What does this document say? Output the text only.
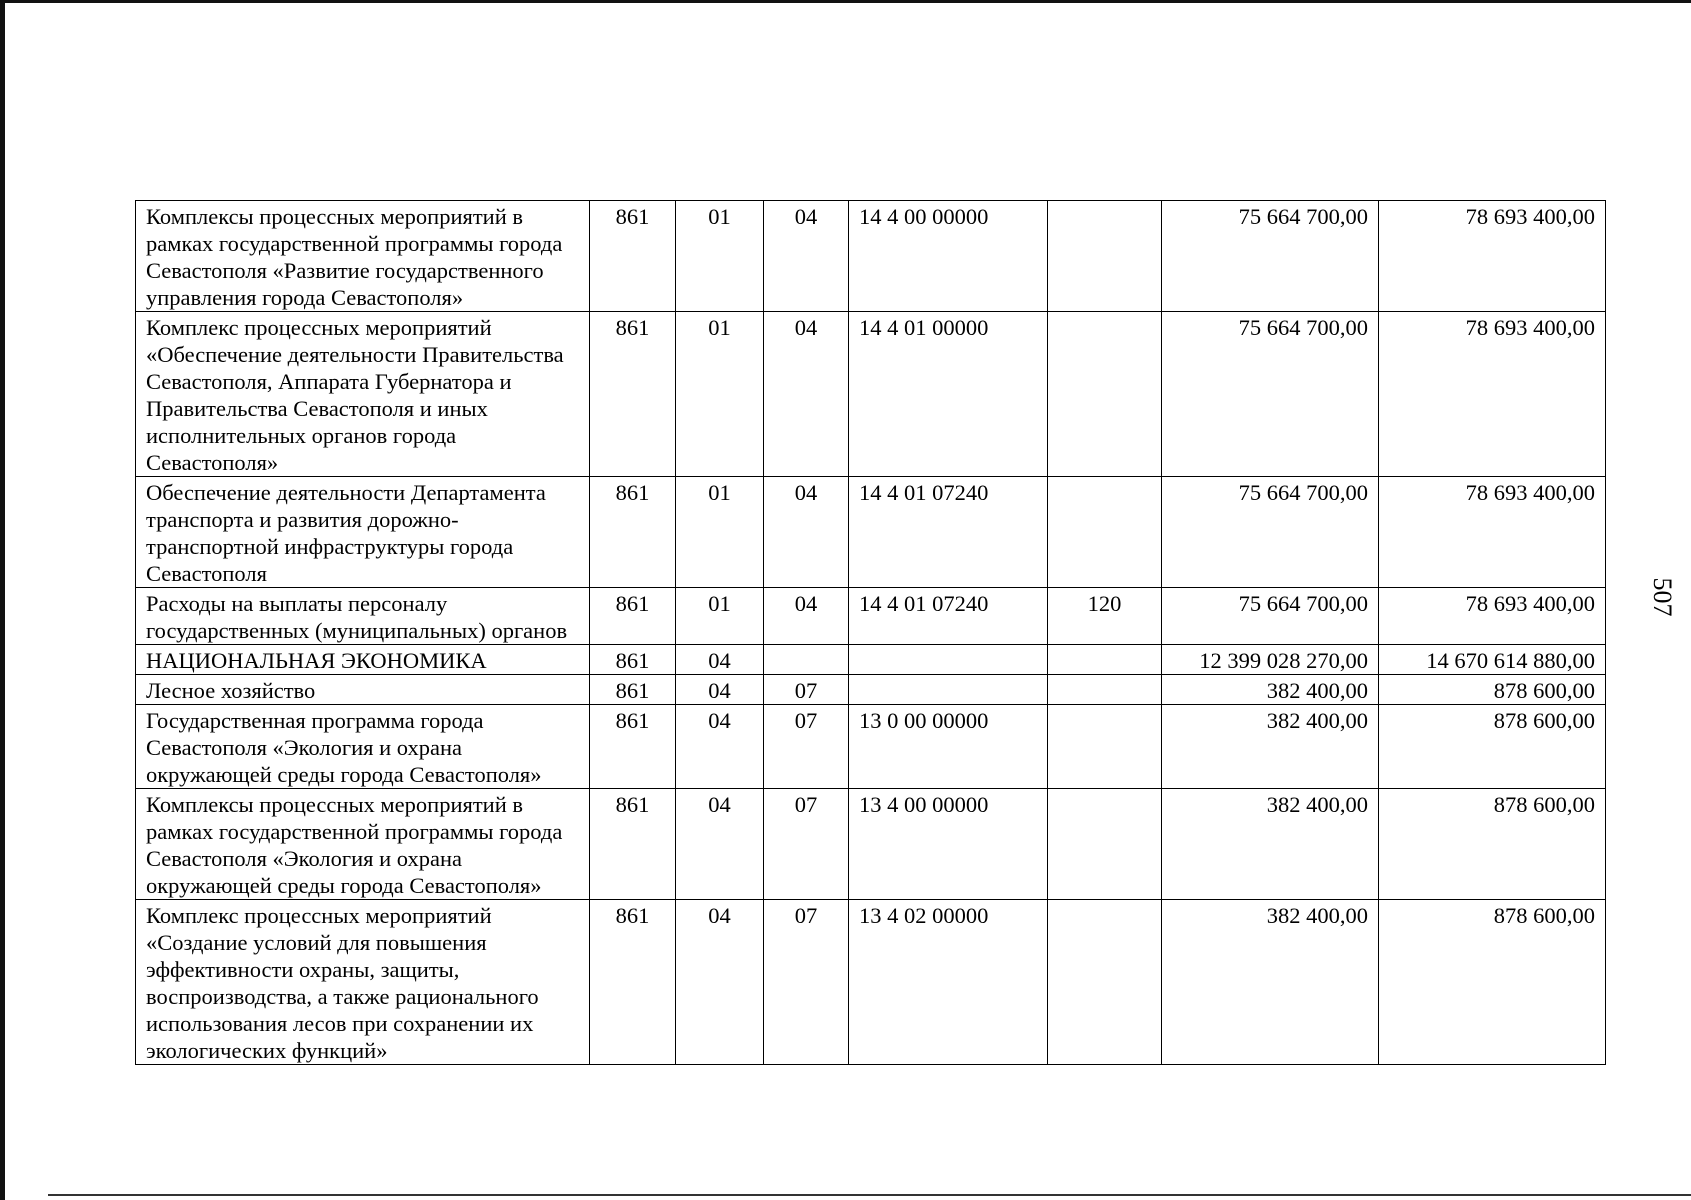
Комплексы процессных мероприятий в рамках государственной программы города Севастополя «Развитие государственного управления города Севастополя»	861	01	04	14 4 00 00000		75 664 700,00	78 693 400,00
Комплекс процессных мероприятий «Обеспечение деятельности Правительства Севастополя, Аппарата Губернатора и Правительства Севастополя и иных исполнительных органов города Севастополя»	861	01	04	14 4 01 00000		75 664 700,00	78 693 400,00
Обеспечение деятельности Департамента транспорта и развития дорожно-транспортной инфраструктуры города Севастополя	861	01	04	14 4 01 07240		75 664 700,00	78 693 400,00
Расходы на выплаты персоналу государственных (муниципальных) органов	861	01	04	14 4 01 07240	120	75 664 700,00	78 693 400,00
НАЦИОНАЛЬНАЯ ЭКОНОМИКА	861	04				12 399 028 270,00	14 670 614 880,00
Лесное хозяйство	861	04	07			382 400,00	878 600,00
Государственная программа города Севастополя «Экология и охрана окружающей среды города Севастополя»	861	04	07	13 0 00 00000		382 400,00	878 600,00
Комплексы процессных мероприятий в рамках государственной программы города Севастополя «Экология и охрана окружающей среды города Севастополя»	861	04	07	13 4 00 00000		382 400,00	878 600,00
Комплекс процессных мероприятий «Создание условий для повышения эффективности охраны, защиты, воспроизводства, а также рационального использования лесов при сохранении их экологических функций»	861	04	07	13 4 02 00000		382 400,00	878 600,00
507
